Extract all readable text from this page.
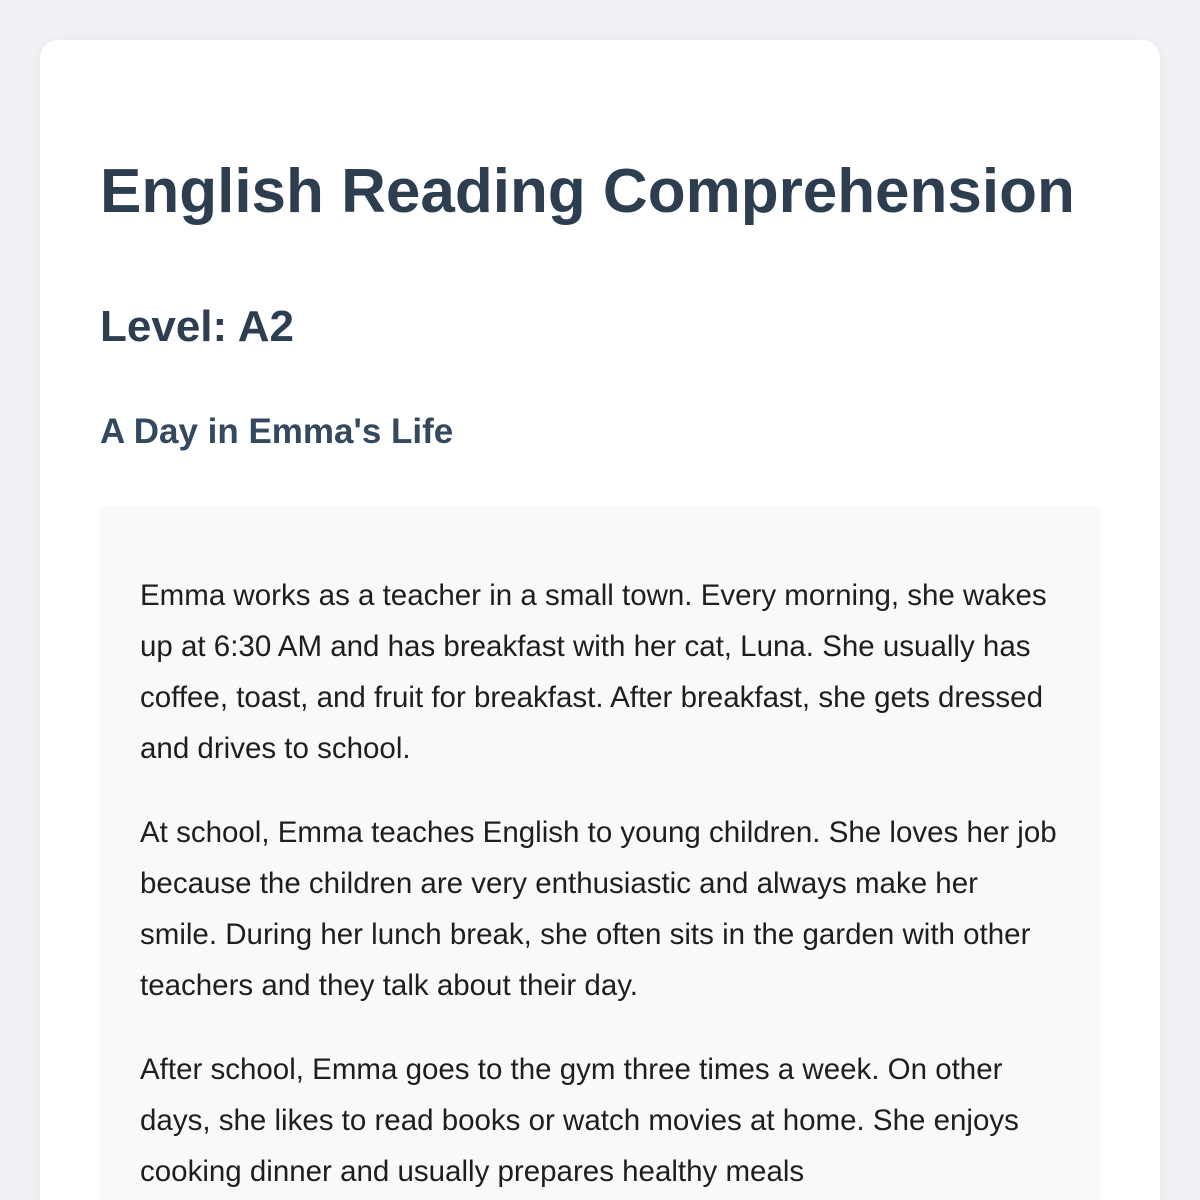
English Reading Comprehension
Level: A2
A Day in Emma's Life

Emma works as a teacher in a small town. Every morning, she wakes up at 6:30 AM and has breakfast with her cat, Luna. She usually has coffee, toast, and fruit for breakfast. After breakfast, she gets dressed and drives to school.

At school, Emma teaches English to young children. She loves her job because the children are very enthusiastic and always make her smile. During her lunch break, she often sits in the garden with other teachers and they talk about their day.

After school, Emma goes to the gym three times a week. On other days, she likes to read books or watch movies at home. She enjoys cooking dinner and usually prepares healthy meals
